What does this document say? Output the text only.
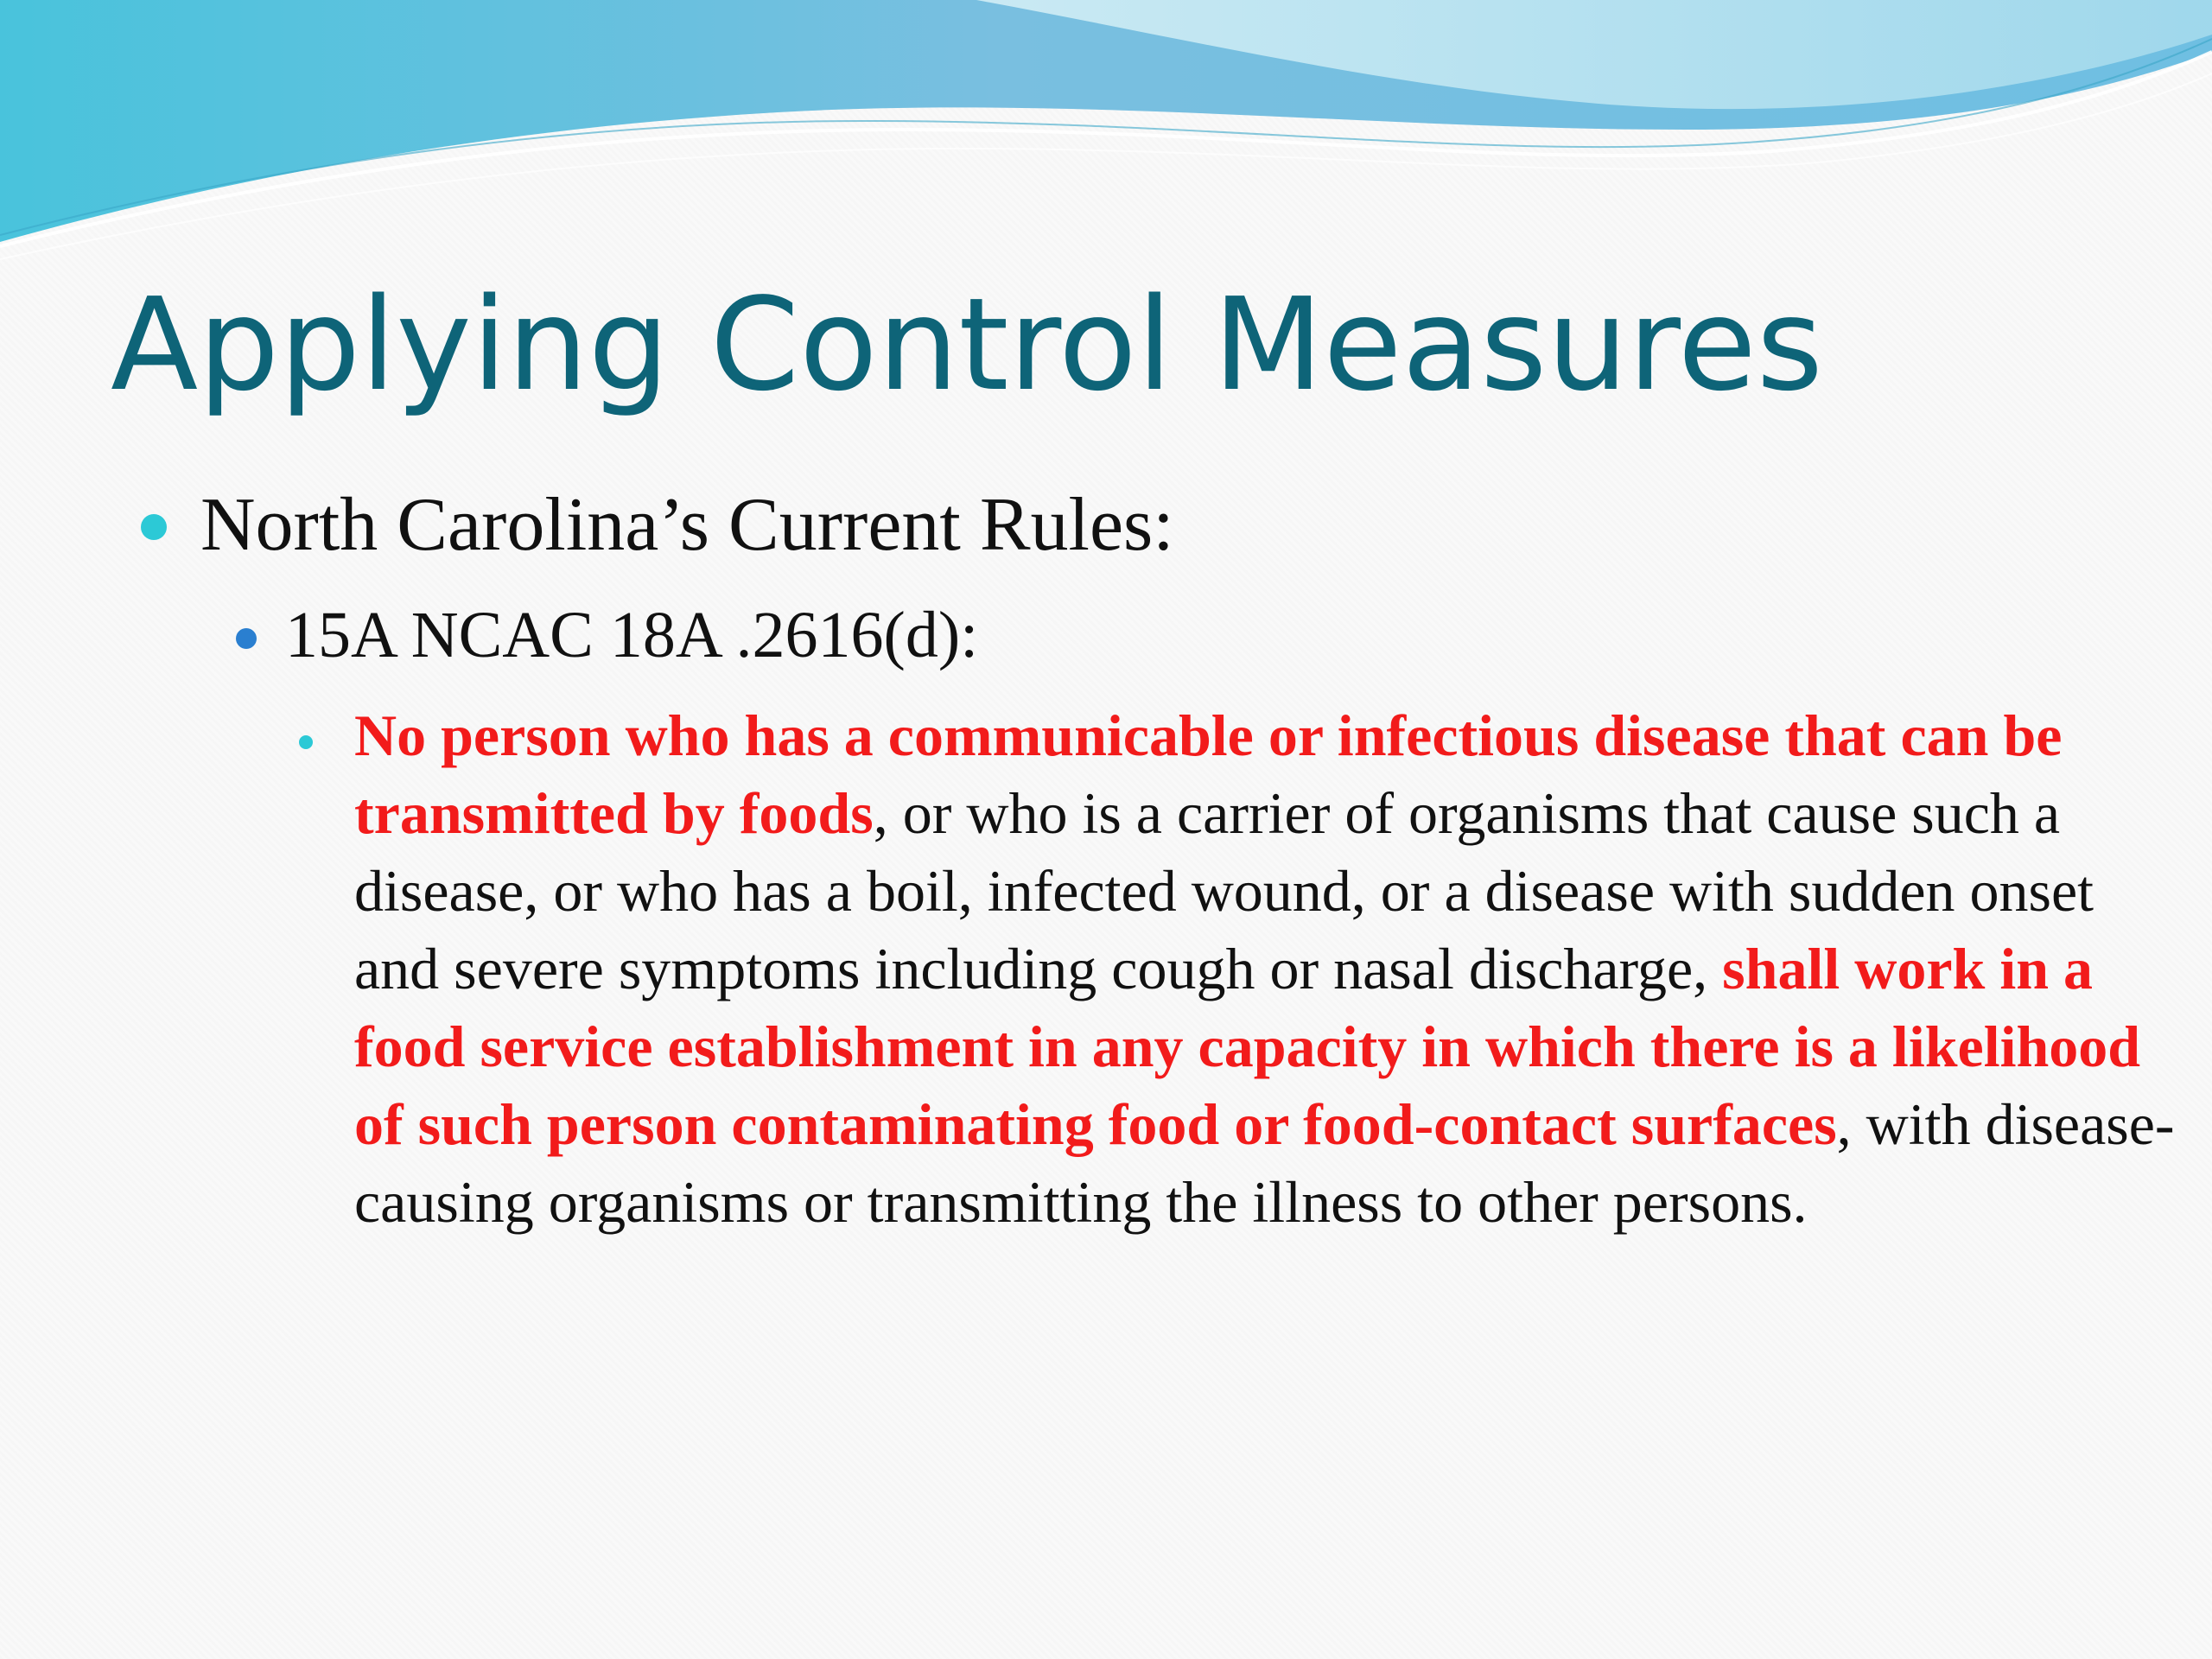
Applying Control Measures
North Carolina’s Current Rules:
15A NCAC 18A .2616(d):
No person who has a communicable or infectious disease that can be transmitted by foods, or who is a carrier of organisms that cause such a disease, or who has a boil, infected wound, or a disease with sudden onset and severe symptoms including cough or nasal discharge, shall work in a food service establishment in any capacity in which there is a likelihood of such person contaminating food or food-contact surfaces, with disease-causing organisms or transmitting the illness to other persons.
